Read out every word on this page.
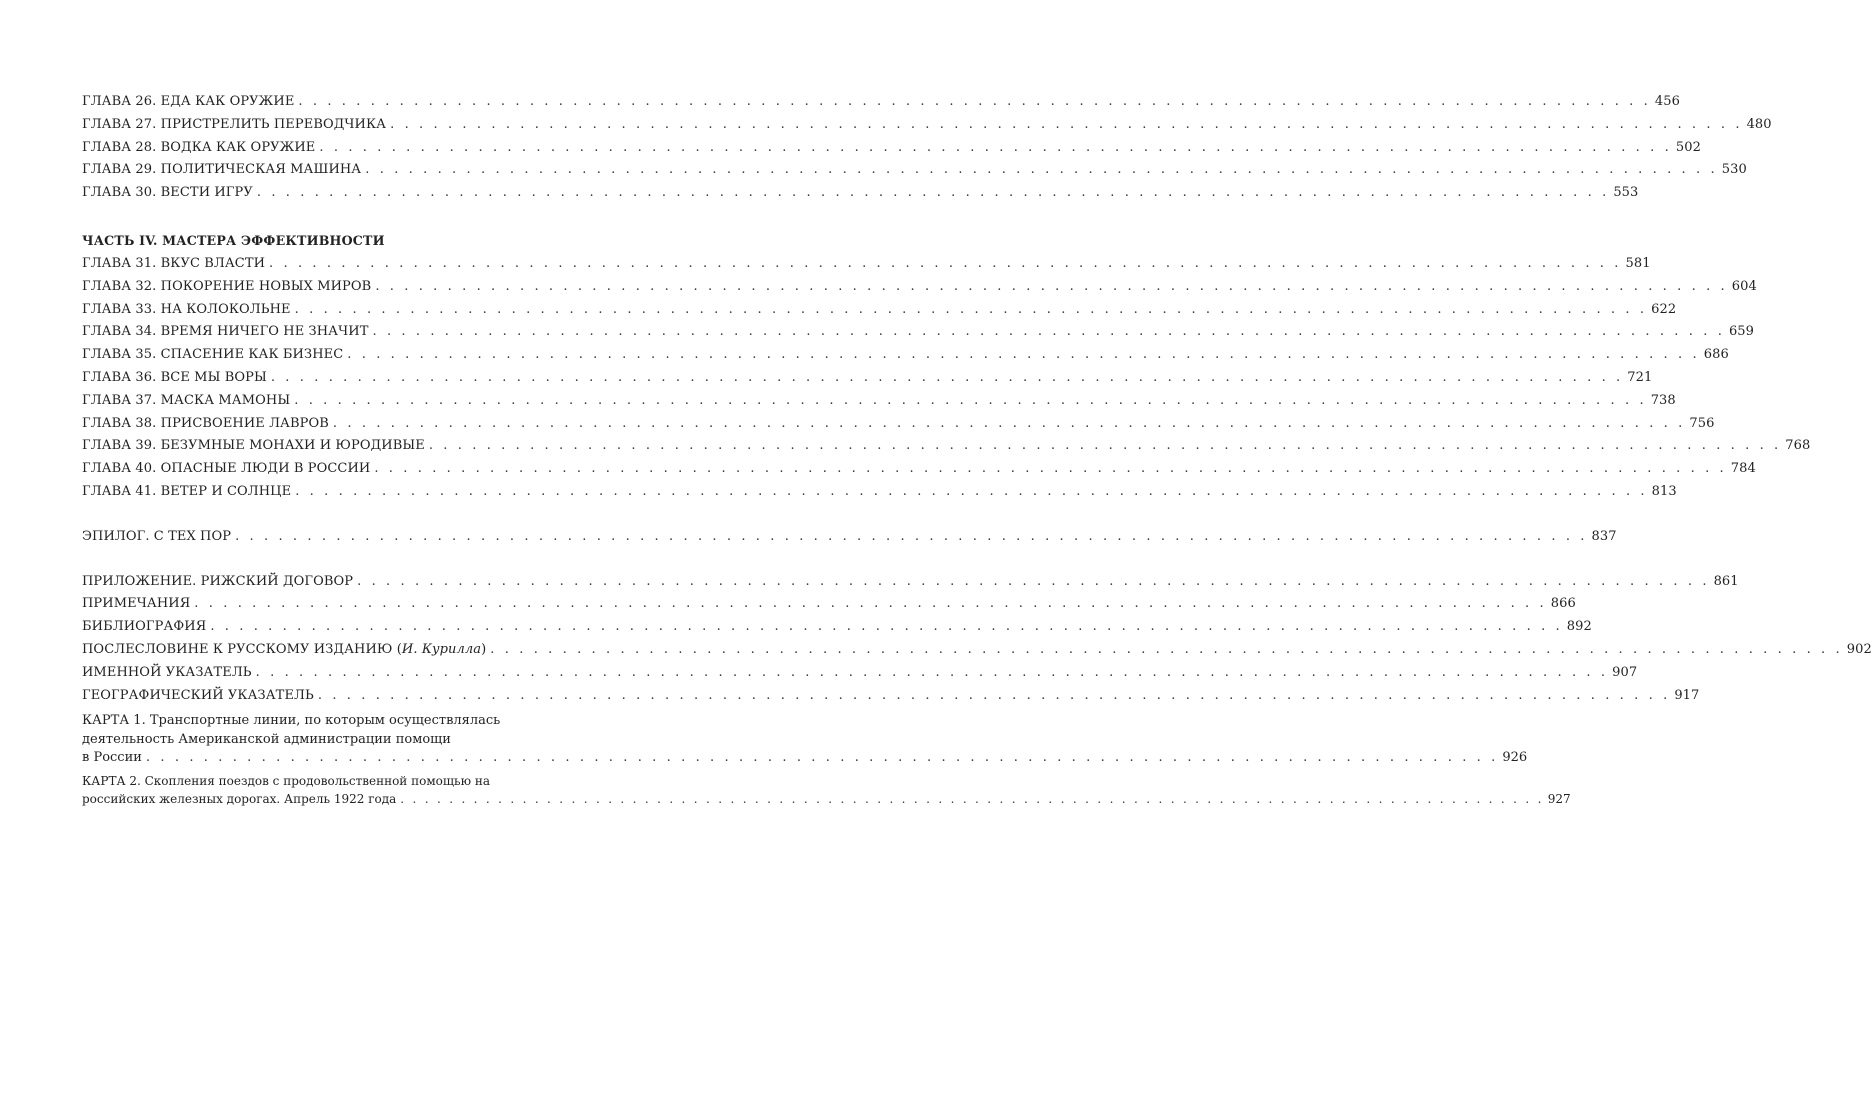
ГЛАВА 26. ЕДА КАК ОРУЖИЕ . . . . . . . . . . . . . . . . . . . . . . . . . . . . . . . . . . . . . . . . . . . . . . . . . . . . . . . . . . . . . . . . . . . . . . . . . . . . . . . . . . . . . . . . . . . . . . 456
ГЛАВА 27. ПРИСТРЕЛИТЬ ПЕРЕВОДЧИКА . . . . . . . . . . . . . . . . . . . . . . . . . . . . . . . . . . . . . . . . . . . . . . . . . . . . . . . . . . . . . . . . . . . . . . . . . . . . . . . . . . . . . . . . . . . . . . 480
ГЛАВА 28. ВОДКА КАК ОРУЖИЕ . . . . . . . . . . . . . . . . . . . . . . . . . . . . . . . . . . . . . . . . . . . . . . . . . . . . . . . . . . . . . . . . . . . . . . . . . . . . . . . . . . . . . . . . . . . . . . 502
ГЛАВА 29. ПОЛИТИЧЕСКАЯ МАШИНА . . . . . . . . . . . . . . . . . . . . . . . . . . . . . . . . . . . . . . . . . . . . . . . . . . . . . . . . . . . . . . . . . . . . . . . . . . . . . . . . . . . . . . . . . . . . . . 530
ГЛАВА 30. ВЕСТИ ИГРУ . . . . . . . . . . . . . . . . . . . . . . . . . . . . . . . . . . . . . . . . . . . . . . . . . . . . . . . . . . . . . . . . . . . . . . . . . . . . . . . . . . . . . . . . . . . . . . 553
ЧАСТЬ IV. МАСТЕРА ЭФФЕКТИВНОСТИ
ГЛАВА 31. ВКУС ВЛАСТИ . . . . . . . . . . . . . . . . . . . . . . . . . . . . . . . . . . . . . . . . . . . . . . . . . . . . . . . . . . . . . . . . . . . . . . . . . . . . . . . . . . . . . . . . . . . . . . 581
ГЛАВА 32. ПОКОРЕНИЕ НОВЫХ МИРОВ . . . . . . . . . . . . . . . . . . . . . . . . . . . . . . . . . . . . . . . . . . . . . . . . . . . . . . . . . . . . . . . . . . . . . . . . . . . . . . . . . . . . . . . . . . . . . . 604
ГЛАВА 33. НА КОЛОКОЛЬНЕ . . . . . . . . . . . . . . . . . . . . . . . . . . . . . . . . . . . . . . . . . . . . . . . . . . . . . . . . . . . . . . . . . . . . . . . . . . . . . . . . . . . . . . . . . . . . . . 622
ГЛАВА 34. ВРЕМЯ НИЧЕГО НЕ ЗНАЧИТ . . . . . . . . . . . . . . . . . . . . . . . . . . . . . . . . . . . . . . . . . . . . . . . . . . . . . . . . . . . . . . . . . . . . . . . . . . . . . . . . . . . . . . . . . . . . . . 659
ГЛАВА 35. СПАСЕНИЕ КАК БИЗНЕС . . . . . . . . . . . . . . . . . . . . . . . . . . . . . . . . . . . . . . . . . . . . . . . . . . . . . . . . . . . . . . . . . . . . . . . . . . . . . . . . . . . . . . . . . . . . . . 686
ГЛАВА 36. ВСЕ МЫ ВОРЫ . . . . . . . . . . . . . . . . . . . . . . . . . . . . . . . . . . . . . . . . . . . . . . . . . . . . . . . . . . . . . . . . . . . . . . . . . . . . . . . . . . . . . . . . . . . . . . 721
ГЛАВА 37. МАСКА МАМОНЫ . . . . . . . . . . . . . . . . . . . . . . . . . . . . . . . . . . . . . . . . . . . . . . . . . . . . . . . . . . . . . . . . . . . . . . . . . . . . . . . . . . . . . . . . . . . . . . 738
ГЛАВА 38. ПРИСВОЕНИЕ ЛАВРОВ . . . . . . . . . . . . . . . . . . . . . . . . . . . . . . . . . . . . . . . . . . . . . . . . . . . . . . . . . . . . . . . . . . . . . . . . . . . . . . . . . . . . . . . . . . . . . . 756
ГЛАВА 39. БЕЗУМНЫЕ МОНАХИ И ЮРОДИВЫЕ . . . . . . . . . . . . . . . . . . . . . . . . . . . . . . . . . . . . . . . . . . . . . . . . . . . . . . . . . . . . . . . . . . . . . . . . . . . . . . . . . . . . . . . . . . . . . . 768
ГЛАВА 40. ОПАСНЫЕ ЛЮДИ В РОССИИ . . . . . . . . . . . . . . . . . . . . . . . . . . . . . . . . . . . . . . . . . . . . . . . . . . . . . . . . . . . . . . . . . . . . . . . . . . . . . . . . . . . . . . . . . . . . . . 784
ГЛАВА 41. ВЕТЕР И СОЛНЦЕ . . . . . . . . . . . . . . . . . . . . . . . . . . . . . . . . . . . . . . . . . . . . . . . . . . . . . . . . . . . . . . . . . . . . . . . . . . . . . . . . . . . . . . . . . . . . . . 813
ЭПИЛОГ. С ТЕХ ПОР . . . . . . . . . . . . . . . . . . . . . . . . . . . . . . . . . . . . . . . . . . . . . . . . . . . . . . . . . . . . . . . . . . . . . . . . . . . . . . . . . . . . . . . . . . . . . . 837
ПРИЛОЖЕНИЕ. РИЖСКИЙ ДОГОВОР . . . . . . . . . . . . . . . . . . . . . . . . . . . . . . . . . . . . . . . . . . . . . . . . . . . . . . . . . . . . . . . . . . . . . . . . . . . . . . . . . . . . . . . . . . . . . . 861
ПРИМЕЧАНИЯ . . . . . . . . . . . . . . . . . . . . . . . . . . . . . . . . . . . . . . . . . . . . . . . . . . . . . . . . . . . . . . . . . . . . . . . . . . . . . . . . . . . . . . . . . . . . . . 866
БИБЛИОГРАФИЯ . . . . . . . . . . . . . . . . . . . . . . . . . . . . . . . . . . . . . . . . . . . . . . . . . . . . . . . . . . . . . . . . . . . . . . . . . . . . . . . . . . . . . . . . . . . . . . 892
ПОСЛЕСЛОВИНЕ К РУССКОМУ ИЗДАНИЮ (И. Курилла) . . . . . . . . . . . . . . . . . . . . . . . . . . . . . . . . . . . . . . . . . . . . . . . . . . . . . . . . . . . . . . . . . . . . . . . . . . . . . . . . . . . . . . . . . . . . . . 902
ИМЕННОЙ УКАЗАТЕЛЬ . . . . . . . . . . . . . . . . . . . . . . . . . . . . . . . . . . . . . . . . . . . . . . . . . . . . . . . . . . . . . . . . . . . . . . . . . . . . . . . . . . . . . . . . . . . . . . 907
ГЕОГРАФИЧЕСКИЙ УКАЗАТЕЛЬ . . . . . . . . . . . . . . . . . . . . . . . . . . . . . . . . . . . . . . . . . . . . . . . . . . . . . . . . . . . . . . . . . . . . . . . . . . . . . . . . . . . . . . . . . . . . . . 917
КАРТА 1. Транспортные линии, по которым осуществлялась
деятельность Американской администрации помощи
в России . . . . . . . . . . . . . . . . . . . . . . . . . . . . . . . . . . . . . . . . . . . . . . . . . . . . . . . . . . . . . . . . . . . . . . . . . . . . . . . . . . . . . . . . . . . . . . 926
КАРТА 2. Скопления поездов с продовольственной помощью на
российских железных дорогах. Апрель 1922 года . . . . . . . . . . . . . . . . . . . . . . . . . . . . . . . . . . . . . . . . . . . . . . . . . . . . . . . . . . . . . . . . . . . . . . . . . . . . . . . . . . . . . . . . . . . . . . 927
